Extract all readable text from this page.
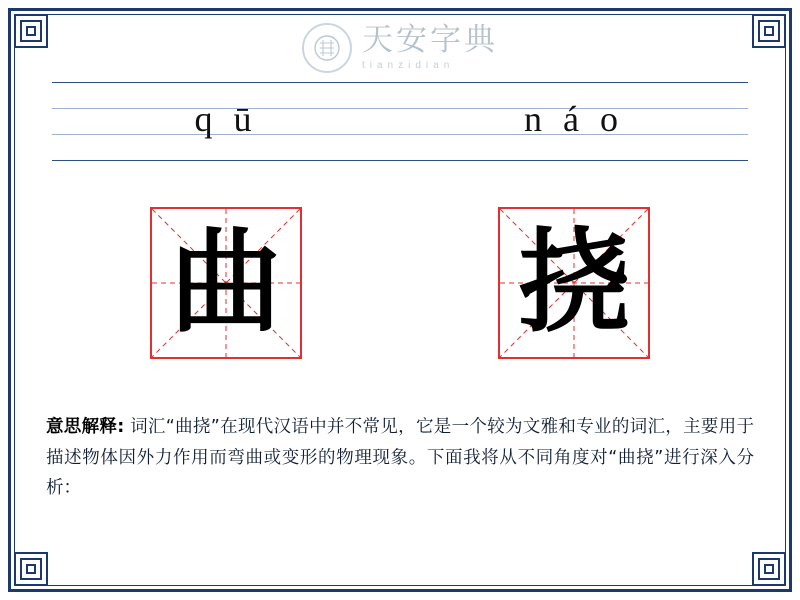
天安字典
tianzidian
q ū	n á o
曲 挠
意思解释: 词汇“曲挠”在现代汉语中并不常见，它是一个较为文雅和专业的词汇，主要用于描述物体因外力作用而弯曲或变形的物理现象。下面我将从不同角度对“曲挠”进行深入分析：
